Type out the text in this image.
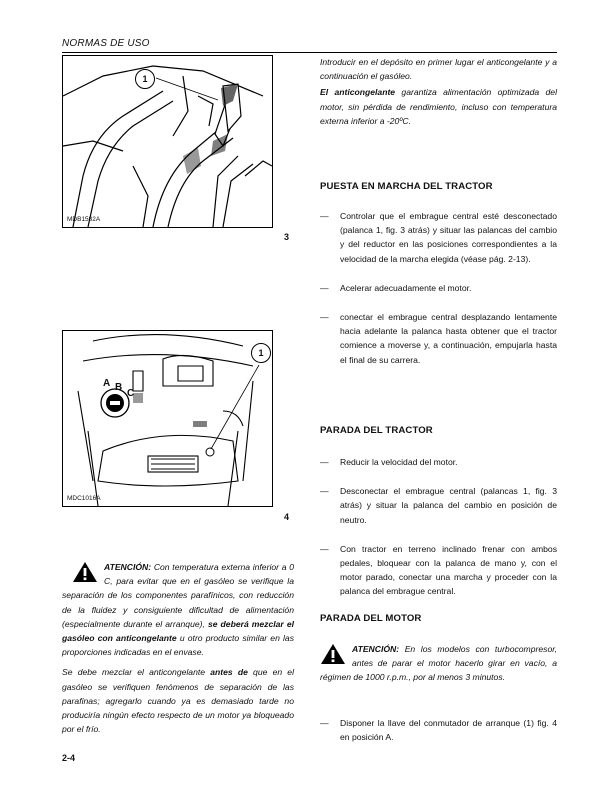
NORMAS DE USO
1
MDB1582A
3
1
A B
C
MDC1016A
4

ATENCIÓN: Con temperatura externa inferior a 0 C, para evitar que en el gasóleo se verifique la separación de los componentes parafínicos, con reducción de la fluidez y consiguiente dificultad de alimentación (especialmente durante el arranque), se deberá mezclar el gasóleo con anticongelante u otro producto similar en las proporciones indicadas en el envase.

Se debe mezclar el anticongelante antes de que en el gasóleo se verifiquen fenómenos de separación de las parafinas; agregarlo cuando ya es demasiado tarde no produciría ningún efecto respecto de un motor ya bloqueado por el frío.

Introducir en el depósito en primer lugar el anticongelante y a continuación el gasóleo.

El anticongelante garantiza alimentación optimizada del motor, sin pérdida de rendimiento, incluso con temperatura externa inferior a -20ºC.

PUESTA EN MARCHA DEL TRACTOR
— Controlar que el embrague central esté desconectado (palanca 1, fig. 3 atrás) y situar las palancas del cambio y del reductor en las posiciones correspondientes a la velocidad de la marcha elegida (véase pág. 2-13).
— Acelerar adecuadamente el motor.
— conectar el embrague central desplazando lentamente hacia adelante la palanca hasta obtener que el tractor comience a moverse y, a continuación, empujarla hasta el final de su carrera.
PARADA DEL TRACTOR
— Reducir la velocidad del motor.
— Desconectar el embrague central (palancas 1, fig. 3 atrás) y situar la palanca del cambio en posición de neutro.
— Con tractor en terreno inclinado frenar con ambos pedales, bloquear con la palanca de mano y, con el motor parado, conectar una marcha y proceder con la palanca del embrague central.
PARADA DEL MOTOR

ATENCIÓN: En los modelos con turbocompresor, antes de parar el motor hacerlo girar en vacío, a régimen de 1000 r.p.m., por al menos 3 minutos.

— Disponer la llave del conmutador de arranque (1) fig. 4 en posición A.
2-4
